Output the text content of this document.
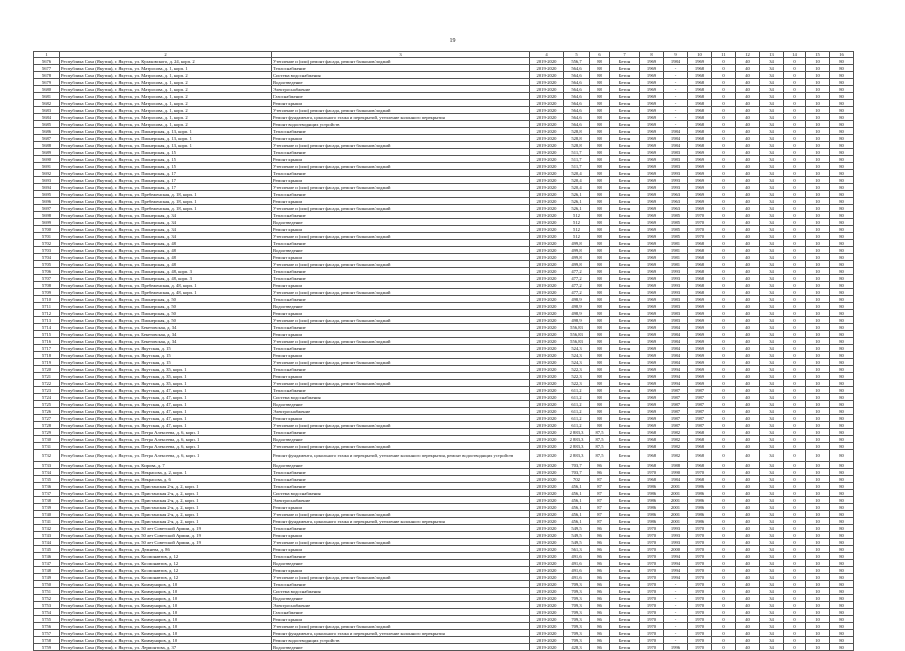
19
1	2	3	4	5	6	7	8	9	10	11	12	13	14	15	16
5676	Республика Саха (Якутия), г. Якутск, ул. Кулаковского, д. 24, корп. 2	Утепление и (или) ремонт фасада, ремонт балконов/лоджий	2019-2020	556,7	88	Бетон	1969	1984	1969	0	40	34	0	10	80
5677	Республика Саха (Якутия), г. Якутск, ул. Матросова, д. 1, корп. 1	Теплоснабжение	2019-2020	564,6	88	Бетон	1969	-	1968	0	40	34	0	10	80
5678	Республика Саха (Якутия), г. Якутск, ул. Матросова, д. 1, корп. 2	Система водоснабжения	2019-2020	564,6	88	Бетон	1969	-	1968	0	40	34	0	10	80
5679	Республика Саха (Якутия), г. Якутск, ул. Матросова, д. 1, корп. 2	Водоотведение	2019-2020	564,6	88	Бетон	1969	-	1968	0	40	34	0	10	80
5680	Республика Саха (Якутия), г. Якутск, ул. Матросова, д. 1, корп. 2	Электроснабжение	2019-2020	564,6	88	Бетон	1969	-	1968	0	40	34	0	10	80
5681	Республика Саха (Якутия), г. Якутск, ул. Матросова, д. 1, корп. 2	Газоснабжение	2019-2020	564,6	88	Бетон	1969	-	1968	0	40	34	0	10	80
5682	Республика Саха (Якутия), г. Якутск, ул. Матросова, д. 1, корп. 2	Ремонт крыши	2019-2020	564,6	88	Бетон	1969	-	1968	0	40	34	0	10	80
5683	Республика Саха (Якутия), г. Якутск, ул. Матросова, д. 1, корп. 2	Утепление и (или) ремонт фасада, ремонт балконов/лоджий	2019-2020	564,6	88	Бетон	1969	-	1968	0	40	34	0	10	80
5684	Республика Саха (Якутия), г. Якутск, ул. Матросова, д. 1, корп. 2	Ремонт фундамента, цокольного этажа и перекрытий, утепление колонного перекрытия	2019-2020	564,6	88	Бетон	1969	-	1968	0	40	34	0	10	80
5685	Республика Саха (Якутия), г. Якутск, ул. Матросова, д. 1, корп. 2	Ремонт водоотводящих устройств	2019-2020	564,6	88	Бетон	1969	-	1968	0	40	34	0	10	80
5686	Республика Саха (Якутия), г. Якутск, ул. Пионерская, д. 13, корп. 1	Теплоснабжение	2019-2020	528,8	88	Бетон	1969	1984	1968	0	40	34	0	10	80
5687	Республика Саха (Якутия), г. Якутск, ул. Пионерская, д. 13, корп. 1	Ремонт крыши	2019-2020	528,8	88	Бетон	1969	1984	1968	0	40	34	0	10	80
5688	Республика Саха (Якутия), г. Якутск, ул. Пионерская, д. 13, корп. 1	Утепление и (или) ремонт фасада, ремонт балконов/лоджий	2019-2020	528,8	88	Бетон	1969	1984	1968	0	40	34	0	10	80
5689	Республика Саха (Якутия), г. Якутск, ул. Пионерская, д. 15	Теплоснабжение	2019-2020	511,7	88	Бетон	1969	1983	1969	0	40	34	0	10	80
5690	Республика Саха (Якутия), г. Якутск, ул. Пионерская, д. 15	Ремонт крыши	2019-2020	511,7	88	Бетон	1969	1983	1969	0	40	34	0	10	80
5691	Республика Саха (Якутия), г. Якутск, ул. Пионерская, д. 15	Утепление и (или) ремонт фасада, ремонт балконов/лоджий	2019-2020	511,7	88	Бетон	1969	1983	1969	0	40	34	0	10	80
5692	Республика Саха (Якутия), г. Якутск, ул. Пионерская, д. 17	Теплоснабжение	2019-2020	520,4	88	Бетон	1969	1993	1969	0	40	34	0	10	80
5693	Республика Саха (Якутия), г. Якутск, ул. Пионерская, д. 17	Ремонт крыши	2019-2020	520,4	88	Бетон	1969	1993	1969	0	40	34	0	10	80
5694	Республика Саха (Якутия), г. Якутск, ул. Пионерская, д. 17	Утепление и (или) ремонт фасада, ремонт балконов/лоджий	2019-2020	520,4	88	Бетон	1969	1993	1969	0	40	34	0	10	80
5695	Республика Саха (Якутия), г. Якутск, ул. Пребеженская, д. 18, корп. 1	Теплоснабжение	2019-2020	526,1	88	Бетон	1969	1963	1969	0	40	34	0	10	80
5696	Республика Саха (Якутия), г. Якутск, ул. Пребеженская, д. 18, корп. 1	Ремонт крыши	2019-2020	526,1	88	Бетон	1969	1963	1969	0	40	34	0	10	80
5697	Республика Саха (Якутия), г. Якутск, ул. Пребеженская, д. 18, корп. 1	Утепление и (или) ремонт фасада, ремонт балконов/лоджий	2019-2020	526,1	88	Бетон	1969	1963	1969	0	40	34	0	10	80
5698	Республика Саха (Якутия), г. Якутск, ул. Пионерская, д. 34	Теплоснабжение	2019-2020	512	88	Бетон	1969	1985	1970	0	40	34	0	10	80
5699	Республика Саха (Якутия), г. Якутск, ул. Пионерская, д. 34	Водоотведение	2019-2020	512	88	Бетон	1969	1985	1970	0	40	34	0	10	80
5700	Республика Саха (Якутия), г. Якутск, ул. Пионерская, д. 34	Ремонт крыши	2019-2020	512	88	Бетон	1969	1985	1970	0	40	34	0	10	80
5701	Республика Саха (Якутия), г. Якутск, ул. Пионерская, д. 34	Утепление и (или) ремонт фасада, ремонт балконов/лоджий	2019-2020	512	88	Бетон	1969	1985	1970	0	40	34	0	10	80
5702	Республика Саха (Якутия), г. Якутск, ул. Пионерская, д. 48	Теплоснабжение	2019-2020	499,8	88	Бетон	1969	1981	1968	0	40	34	0	10	80
5703	Республика Саха (Якутия), г. Якутск, ул. Пионерская, д. 48	Водоотведение	2019-2020	499,8	88	Бетон	1969	1981	1968	0	40	34	0	10	80
5704	Республика Саха (Якутия), г. Якутск, ул. Пионерская, д. 48	Ремонт крыши	2019-2020	499,8	88	Бетон	1969	1981	1968	0	40	34	0	10	80
5705	Республика Саха (Якутия), г. Якутск, ул. Пионерская, д. 48	Утепление и (или) ремонт фасада, ремонт балконов/лоджий	2019-2020	499,8	88	Бетон	1969	1981	1968	0	40	34	0	10	80
5706	Республика Саха (Якутия), г. Якутск, ул. Пионерская, д. 48, корп. 3	Теплоснабжение	2019-2020	477,2	88	Бетон	1969	1993	1968	0	40	34	0	10	80
5707	Республика Саха (Якутия), г. Якутск, ул. Пионерская, д. 48, корп. 3	Теплоснабжение	2019-2020	477,2	88	Бетон	1969	1993	1968	0	40	34	0	10	80
5708	Республика Саха (Якутия), г. Якутск, ул. Пребеженская, д. 48, корп. 1	Ремонт крыши	2019-2020	477,2	88	Бетон	1969	1993	1968	0	40	34	0	10	80
5709	Республика Саха (Якутия), г. Якутск, ул. Пребеженская, д. 48, корп. 1	Утепление и (или) ремонт фасада, ремонт балконов/лоджий	2019-2020	477,2	88	Бетон	1969	1993	1968	0	40	34	0	10	80
5710	Республика Саха (Якутия), г. Якутск, ул. Пионерская, д. 50	Теплоснабжение	2019-2020	498,9	88	Бетон	1969	1983	1969	0	40	34	0	10	80
5711	Республика Саха (Якутия), г. Якутск, ул. Пионерская, д. 50	Водоотведение	2019-2020	498,9	88	Бетон	1969	1983	1969	0	40	34	0	10	80
5712	Республика Саха (Якутия), г. Якутск, ул. Пионерская, д. 50	Ремонт крыши	2019-2020	498,9	88	Бетон	1969	1983	1969	0	40	34	0	10	80
5713	Республика Саха (Якутия), г. Якутск, ул. Пионерская, д. 50	Утепление и (или) ремонт фасада, ремонт балконов/лоджий	2019-2020	498,9	88	Бетон	1969	1983	1969	0	40	34	0	10	80
5714	Республика Саха (Якутия), г. Якутск, ул. Бекетовская, д. 34	Теплоснабжение	2019-2020	556,83	88	Бетон	1969	1984	1969	0	40	34	0	10	80
5715	Республика Саха (Якутия), г. Якутск, ул. Бекетовская, д. 34	Ремонт крыши	2019-2020	556,83	88	Бетон	1969	1984	1969	0	40	34	0	10	80
5716	Республика Саха (Якутия), г. Якутск, ул. Бекетовская, д. 34	Утепление и (или) ремонт фасада, ремонт балконов/лоджий	2019-2020	556,83	88	Бетон	1969	1984	1969	0	40	34	0	10	80
5717	Республика Саха (Якутия), г. Якутск, ул. Якутская, д. 15	Теплоснабжение	2019-2020	524,3	88	Бетон	1969	1984	1969	0	40	34	0	10	80
5718	Республика Саха (Якутия), г. Якутск, ул. Якутская, д. 15	Ремонт крыши	2019-2020	524,3	88	Бетон	1969	1984	1969	0	40	34	0	10	80
5719	Республика Саха (Якутия), г. Якутск, ул. Якутская, д. 15	Утепление и (или) ремонт фасада, ремонт балконов/лоджий	2019-2020	524,3	88	Бетон	1969	1984	1969	0	40	34	0	10	80
5720	Республика Саха (Якутия), г. Якутск, ул. Якутская, д. 35, корп. 1	Теплоснабжение	2019-2020	522,3	88	Бетон	1969	1994	1969	0	40	34	0	10	80
5721	Республика Саха (Якутия), г. Якутск, ул. Якутская, д. 35, корп. 1	Ремонт крыши	2019-2020	522,3	88	Бетон	1969	1994	1969	0	40	34	0	10	80
5722	Республика Саха (Якутия), г. Якутск, ул. Якутская, д. 35, корп. 1	Утепление и (или) ремонт фасада, ремонт балконов/лоджий	2019-2020	522,3	88	Бетон	1969	1994	1969	0	40	34	0	10	80
5723	Республика Саха (Якутия), г. Якутск, ул. Якутская, д. 47, корп. 1	Теплоснабжение	2019-2020	611,2	88	Бетон	1969	1987	1987	0	40	34	0	10	80
5724	Республика Саха (Якутия), г. Якутск, ул. Якутская, д. 47, корп. 1	Система водоснабжения	2019-2020	611,2	88	Бетон	1969	1987	1987	0	40	34	0	10	80
5725	Республика Саха (Якутия), г. Якутск, ул. Якутская, д. 47, корп. 1	Водоотведение	2019-2020	611,2	88	Бетон	1969	1987	1987	0	40	34	0	10	80
5726	Республика Саха (Якутия), г. Якутск, ул. Якутская, д. 47, корп. 1	Электроснабжение	2019-2020	611,2	88	Бетон	1969	1987	1987	0	40	34	0	10	80
5727	Республика Саха (Якутия), г. Якутск, ул. Якутская, д. 47, корп. 1	Ремонт крыши	2019-2020	611,2	88	Бетон	1969	1987	1987	0	40	34	0	10	80
5728	Республика Саха (Якутия), г. Якутск, ул. Якутская, д. 47, корп. 1	Утепление и (или) ремонт фасада, ремонт балконов/лоджий	2019-2020	611,2	88	Бетон	1969	1987	1987	0	40	34	0	10	80
5729	Республика Саха (Якутия), г. Якутск, ул. Петра Алексеева, д. 6, корп. 1	Теплоснабжение	2019-2020	2 883,3	87,5	Бетон	1968	1982	1968	0	40	34	0	10	80
5730	Республика Саха (Якутия), г. Якутск, ул. Петра Алексеева, д. 6, корп. 1	Водоотведение	2019-2020	2 883,3	87,5	Бетон	1968	1982	1968	0	40	34	0	10	80
5731	Республика Саха (Якутия), г. Якутск, ул. Петра Алексеева, д. 6, корп. 1	Утепление и (или) ремонт фасада, ремонт балконов/лоджий	2019-2020	2 883,3	87,5	Бетон	1968	1982	1968	0	40	34	0	10	80
5732	Республика Саха (Якутия), г. Якутск, ул. Петра Алексеева, д. 6, корп. 1	Ремонт фундамента, цокольного этажа и перекрытий, утепление колонного перекрытия, ремонт водоотводящих устройств	2019-2020	2 883,3	87,5	Бетон	1968	1982	1968	0	40	34	0	10	80
5733	Республика Саха (Якутия), г. Якутск, ул. Кирова, д. 7	Водоотведение	2019-2020	703,7	86	Бетон	1968	1988	1968	0	40	34	0	10	80
5734	Республика Саха (Якутия), г. Якутск, ул. Некрасова, д. 2, корп. 1	Теплоснабжение	2019-2020	703,7	86	Бетон	1970	1990	1970	0	40	34	0	10	80
5735	Республика Саха (Якутия), г. Якутск, ул. Некрасова, д. 6	Теплоснабжение	2019-2020	702	87	Бетон	1968	1984	1968	0	40	34	0	10	80
5736	Республика Саха (Якутия), г. Якутск, ул. Пристанская 2-я, д. 2, корп. 1	Теплоснабжение	2019-2020	456,1	87	Бетон	1986	2001	1986	0	40	34	0	10	80
5737	Республика Саха (Якутия), г. Якутск, ул. Пристанская 2-я, д. 2, корп. 1	Система водоснабжения	2019-2020	456,1	87	Бетон	1986	2001	1986	0	40	34	0	10	80
5738	Республика Саха (Якутия), г. Якутск, ул. Пристанская 2-я, д. 2, корп. 1	Электроснабжение	2019-2020	456,1	87	Бетон	1986	2001	1986	0	40	34	0	10	80
5739	Республика Саха (Якутия), г. Якутск, ул. Пристанская 2-я, д. 2, корп. 1	Ремонт крыши	2019-2020	456,1	87	Бетон	1986	2001	1986	0	40	34	0	10	80
5740	Республика Саха (Якутия), г. Якутск, ул. Пристанская 2-я, д. 2, корп. 1	Утепление и (или) ремонт фасада, ремонт балконов/лоджий	2019-2020	456,1	87	Бетон	1986	2001	1986	0	40	34	0	10	80
5741	Республика Саха (Якутия), г. Якутск, ул. Пристанская 2-я, д. 2, корп. 1	Ремонт фундамента, цокольного этажа и перекрытий, утепление колонного перекрытия	2019-2020	456,1	87	Бетон	1986	2001	1986	0	40	34	0	10	80
5742	Республика Саха (Якутия), г. Якутск, ул. 50 лет Советской Армии, д. 19	Теплоснабжение	2019-2020	549,5	86	Бетон	1970	1993	1970	0	40	34	0	10	80
5743	Республика Саха (Якутия), г. Якутск, ул. 50 лет Советской Армии, д. 19	Ремонт крыши	2019-2020	549,5	86	Бетон	1970	1993	1970	0	40	34	0	10	80
5744	Республика Саха (Якутия), г. Якутск, ул. 50 лет Советской Армии, д. 19	Утепление и (или) ремонт фасада, ремонт балконов/лоджий	2019-2020	549,5	86	Бетон	1970	1993	1970	0	40	34	0	10	80
5745	Республика Саха (Якутия), г. Якутск, ул. Дежнева, д. 86	Ремонт крыши	2019-2020	561,3	86	Бетон	1970	2000	1970	0	40	34	0	10	80
5746	Республика Саха (Якутия), г. Якутск, ул. Космонавтов, д. 12	Теплоснабжение	2019-2020	491,6	86	Бетон	1970	1994	1970	0	40	34	0	10	80
5747	Республика Саха (Якутия), г. Якутск, ул. Космонавтов, д. 12	Водоотведение	2019-2020	491,6	86	Бетон	1970	1994	1970	0	40	34	0	10	80
5748	Республика Саха (Якутия), г. Якутск, ул. Космонавтов, д. 12	Ремонт крыши	2019-2020	491,6	86	Бетон	1970	1994	1970	0	40	34	0	10	80
5749	Республика Саха (Якутия), г. Якутск, ул. Космонавтов, д. 12	Утепление и (или) ремонт фасада, ремонт балконов/лоджий	2019-2020	491,6	86	Бетон	1970	1994	1970	0	40	34	0	10	80
5750	Республика Саха (Якутия), г. Якутск, ул. Коммунаров, д. 10	Теплоснабжение	2019-2020	709,3	86	Бетон	1970	-	1970	0	40	34	0	10	80
5751	Республика Саха (Якутия), г. Якутск, ул. Коммунаров, д. 10	Система водоснабжения	2019-2020	709,3	86	Бетон	1970	-	1970	0	40	34	0	10	80
5752	Республика Саха (Якутия), г. Якутск, ул. Коммунаров, д. 10	Водоотведение	2019-2020	709,3	86	Бетон	1970	-	1970	0	40	34	0	10	80
5753	Республика Саха (Якутия), г. Якутск, ул. Коммунаров, д. 10	Электроснабжение	2019-2020	709,3	86	Бетон	1970	-	1970	0	40	34	0	10	80
5754	Республика Саха (Якутия), г. Якутск, ул. Коммунаров, д. 10	Газоснабжение	2019-2020	709,3	86	Бетон	1970	-	1970	0	40	34	0	10	80
5755	Республика Саха (Якутия), г. Якутск, ул. Коммунаров, д. 10	Ремонт крыши	2019-2020	709,3	86	Бетон	1970	-	1970	0	40	34	0	10	80
5756	Республика Саха (Якутия), г. Якутск, ул. Коммунаров, д. 10	Утепление и (или) ремонт фасада, ремонт балконов/лоджий	2019-2020	709,3	86	Бетон	1970	-	1970	0	40	34	0	10	80
5757	Республика Саха (Якутия), г. Якутск, ул. Коммунаров, д. 10	Ремонт фундамента, цокольного этажа и перекрытий, утепление колонного перекрытия	2019-2020	709,3	86	Бетон	1970	-	1970	0	40	34	0	10	80
5758	Республика Саха (Якутия), г. Якутск, ул. Коммунаров, д. 10	Ремонт водоотводящих устройств	2019-2020	709,3	86	Бетон	1970	-	1970	0	40	34	0	10	80
5759	Республика Саха (Якутия), г. Якутск, ул. Лермонтова, д. 37	Водоотведение	2019-2020	428,3	86	Бетон	1970	1996	1970	0	40	34	0	10	80
